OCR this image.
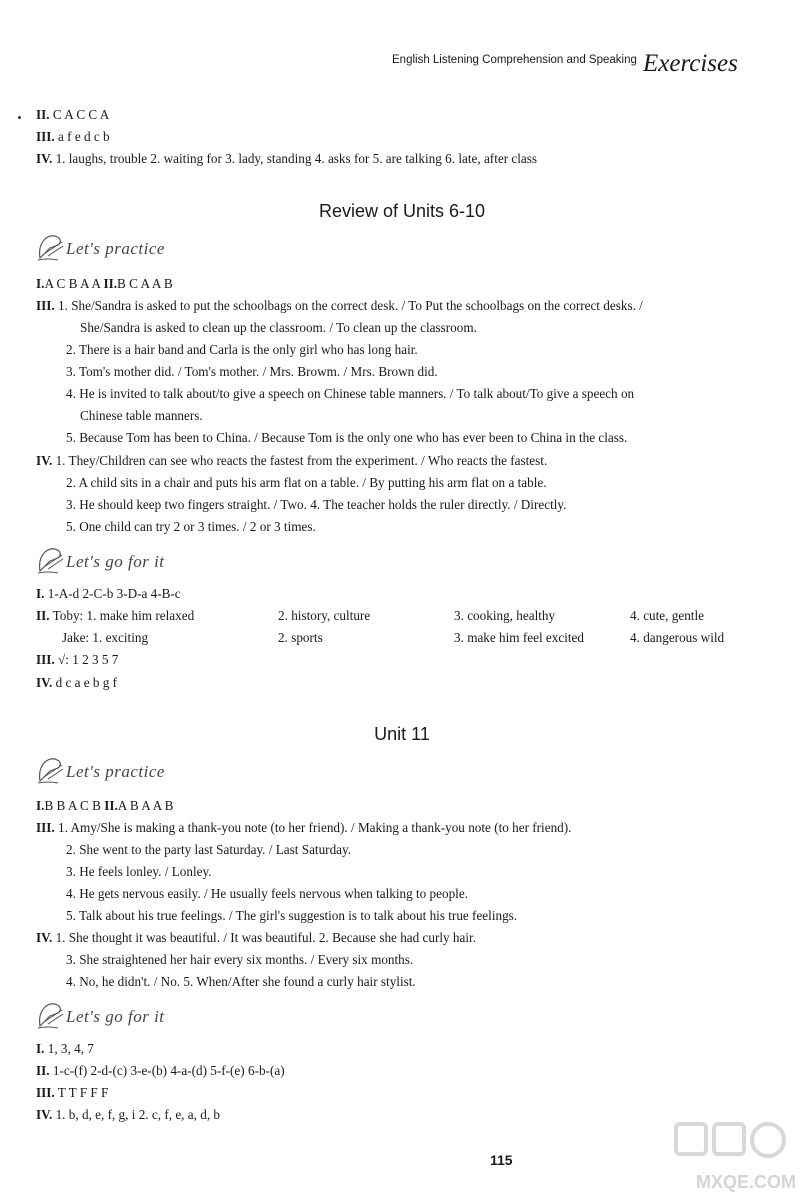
English Listening Comprehension and Speaking Exercises
II. C A C C A
III. a f e d c b
IV. 1. laughs, trouble 2. waiting for 3. lady, standing 4. asks for 5. are talking 6. late, after class
Review of Units 6-10
Let's practice
I.A C B A A II.B C A A B
III. 1. She/Sandra is asked to put the schoolbags on the correct desk. / To Put the schoolbags on the correct desks. /
She/Sandra is asked to clean up the classroom. / To clean up the classroom.
2. There is a hair band and Carla is the only girl who has long hair.
3. Tom's mother did. / Tom's mother. / Mrs. Browm. / Mrs. Brown did.
4. He is invited to talk about/to give a speech on Chinese table manners. / To talk about/To give a speech on
Chinese table manners.
5. Because Tom has been to China. / Because Tom is the only one who has ever been to China in the class.
IV. 1. They/Children can see who reacts the fastest from the experiment. / Who reacts the fastest.
2. A child sits in a chair and puts his arm flat on a table. / By putting his arm flat on a table.
3. He should keep two fingers straight. / Two. 4. The teacher holds the ruler directly. / Directly.
5. One child can try 2 or 3 times. / 2 or 3 times.
Let's go for it
I. 1-A-d 2-C-b 3-D-a 4-B-c
II. Toby: 1. make him relaxed	2. history, culture	3. cooking, healthy	4. cute, gentle
Jake: 1. exciting	2. sports	3. make him feel excited	4. dangerous wild
III. √: 1 2 3 5 7
IV. d c a e b g f
Unit 11
Let's practice
I.B B A C B II.A B A A B
III. 1. Amy/She is making a thank-you note (to her friend). / Making a thank-you note (to her friend).
2. She went to the party last Saturday. / Last Saturday.
3. He feels lonley. / Lonley.
4. He gets nervous easily. / He usually feels nervous when talking to people.
5. Talk about his true feelings. / The girl's suggestion is to talk about his true feelings.
IV. 1. She thought it was beautiful. / It was beautiful. 2. Because she had curly hair.
3. She straightened her hair every six months. / Every six months.
4. No, he didn't. / No. 5. When/After she found a curly hair stylist.
Let's go for it
I. 1, 3, 4, 7
II. 1-c-(f) 2-d-(c) 3-e-(b) 4-a-(d) 5-f-(e) 6-b-(a)
III. T T F F F
IV. 1. b, d, e, f, g, i 2. c, f, e, a, d, b
115
MXQE.COM
